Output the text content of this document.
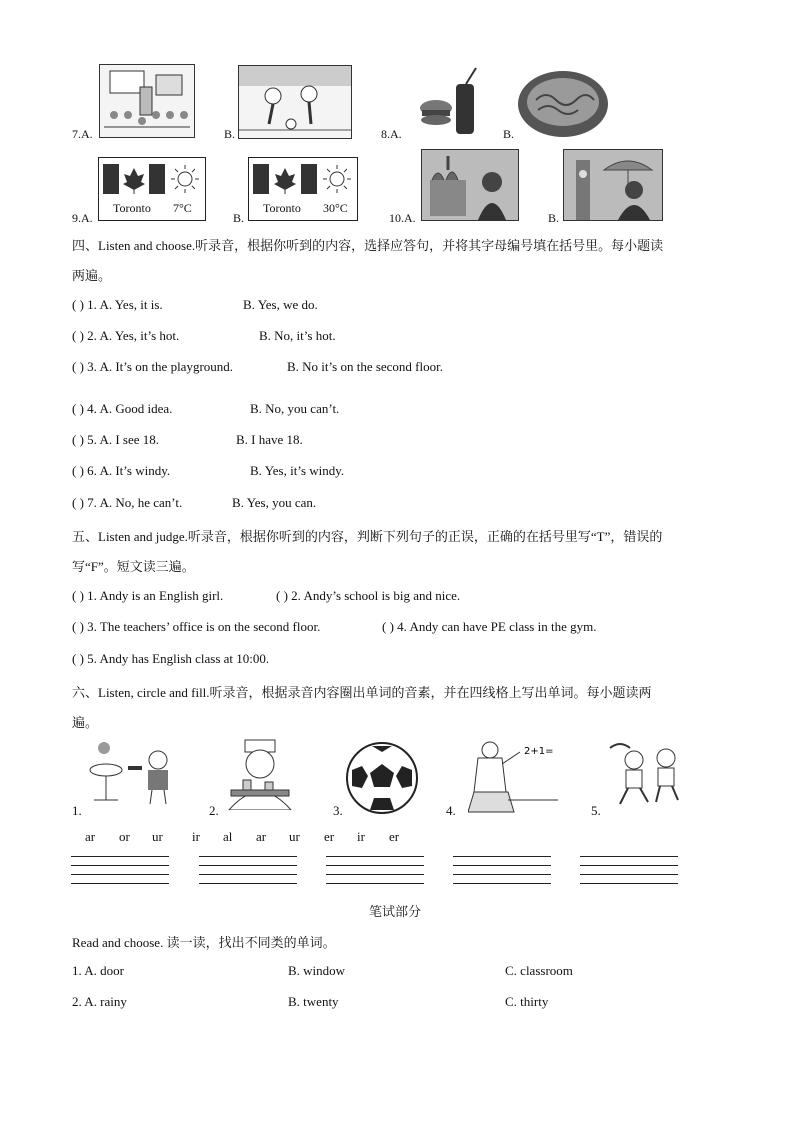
7.A.	B.	8.A.	B.
Toronto 7°C
9.A.	B.
Toronto 30°C
10.A.	B.
四、Listen and choose.听录音，根据你听到的内容，选择应答句，并将其字母编号填在括号里。每小题读
两遍。
( ) 1. A. Yes, it is.	B. Yes, we do.
( ) 2. A. Yes, it’s hot.	B. No, it’s hot.
( ) 3. A. It’s on the playground.	B. No it’s on the second floor.
( ) 4. A. Good idea.	B. No, you can’t.
( ) 5. A. I see 18.	B. I have 18.
( ) 6. A. It’s windy.	B. Yes, it’s windy.
( ) 7. A. No, he can’t.	B. Yes, you can.
五、Listen and judge.听录音，根据你听到的内容，判断下列句子的正误，正确的在括号里写“T”，错误的
写“F”。短文读三遍。
( ) 1. Andy is an English girl.	( ) 2. Andy’s school is big and nice.
( ) 3. The teachers’ office is on the second floor.	( ) 4. Andy can have PE class in the gym.
( ) 5. Andy has English class at 10:00.
六、Listen, circle and fill.听录音，根据录音内容圈出单词的音素，并在四线格上写出单词。每小题读两
遍。
2+1=
1.	2.	3.	4.	5.
ar or ur ir al ar ur er ir er
笔试部分
Read and choose. 读一读，找出不同类的单词。
1. A. door	B. window	C. classroom
2. A. rainy	B. twenty	C. thirty
